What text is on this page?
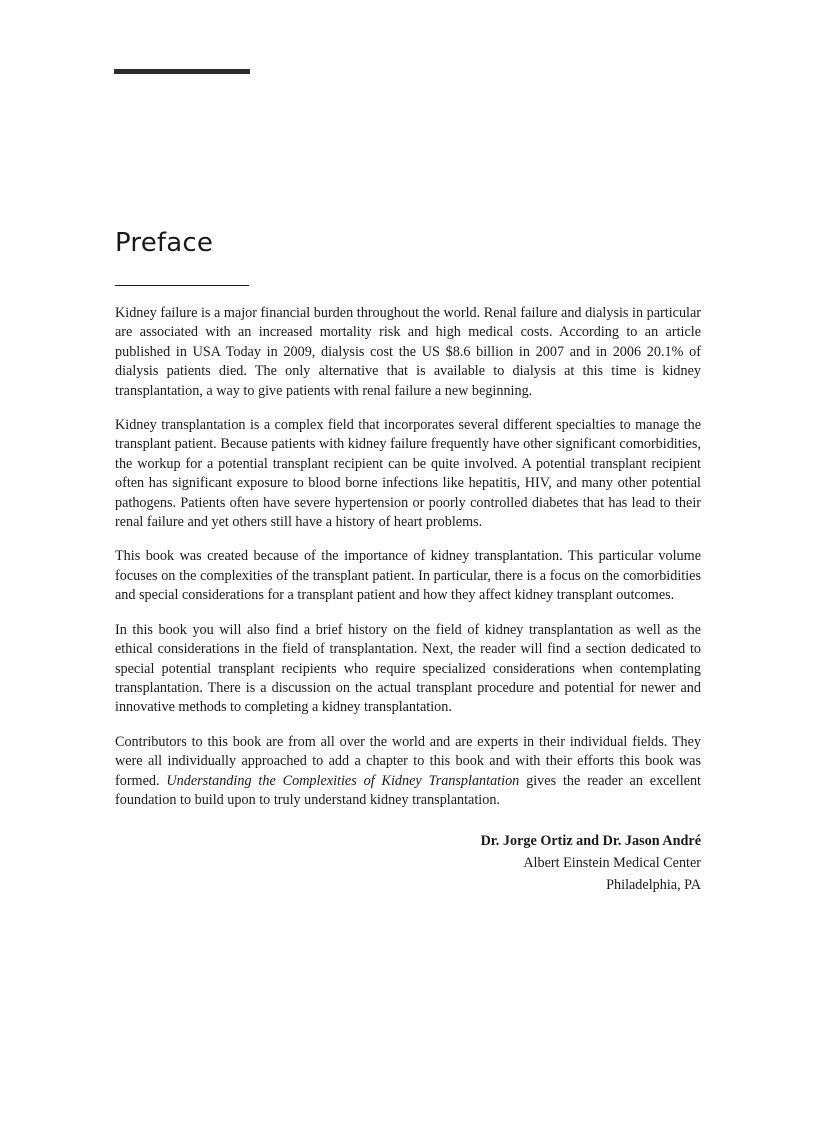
Preface

Kidney failure is a major financial burden throughout the world. Renal failure and dialysis in particular are associated with an increased mortality risk and high medical costs. According to an article published in USA Today in 2009, dialysis cost the US $8.6 billion in 2007 and in 2006 20.1% of dialysis patients died. The only alternative that is available to dialysis at this time is kidney transplantation, a way to give patients with renal failure a new beginning.

Kidney transplantation is a complex field that incorporates several different specialties to manage the transplant patient. Because patients with kidney failure frequently have other significant comorbidities, the workup for a potential transplant recipient can be quite involved. A potential transplant recipient often has significant exposure to blood borne infections like hepatitis, HIV, and many other potential pathogens. Patients often have severe hypertension or poorly controlled diabetes that has lead to their renal failure and yet others still have a history of heart problems.

This book was created because of the importance of kidney transplantation. This particular volume focuses on the complexities of the transplant patient. In particular, there is a focus on the comorbidities and special considerations for a transplant patient and how they affect kidney transplant outcomes.

In this book you will also find a brief history on the field of kidney transplantation as well as the ethical considerations in the field of transplantation. Next, the reader will find a section dedicated to special potential transplant recipients who require specialized considerations when contemplating transplantation. There is a discussion on the actual transplant procedure and potential for newer and innovative methods to completing a kidney transplantation.

Contributors to this book are from all over the world and are experts in their individual fields. They were all individually approached to add a chapter to this book and with their efforts this book was formed. Understanding the Complexities of Kidney Transplantation gives the reader an excellent foundation to build upon to truly understand kidney transplantation.

Dr. Jorge Ortiz and Dr. Jason André
Albert Einstein Medical Center
Philadelphia, PA
